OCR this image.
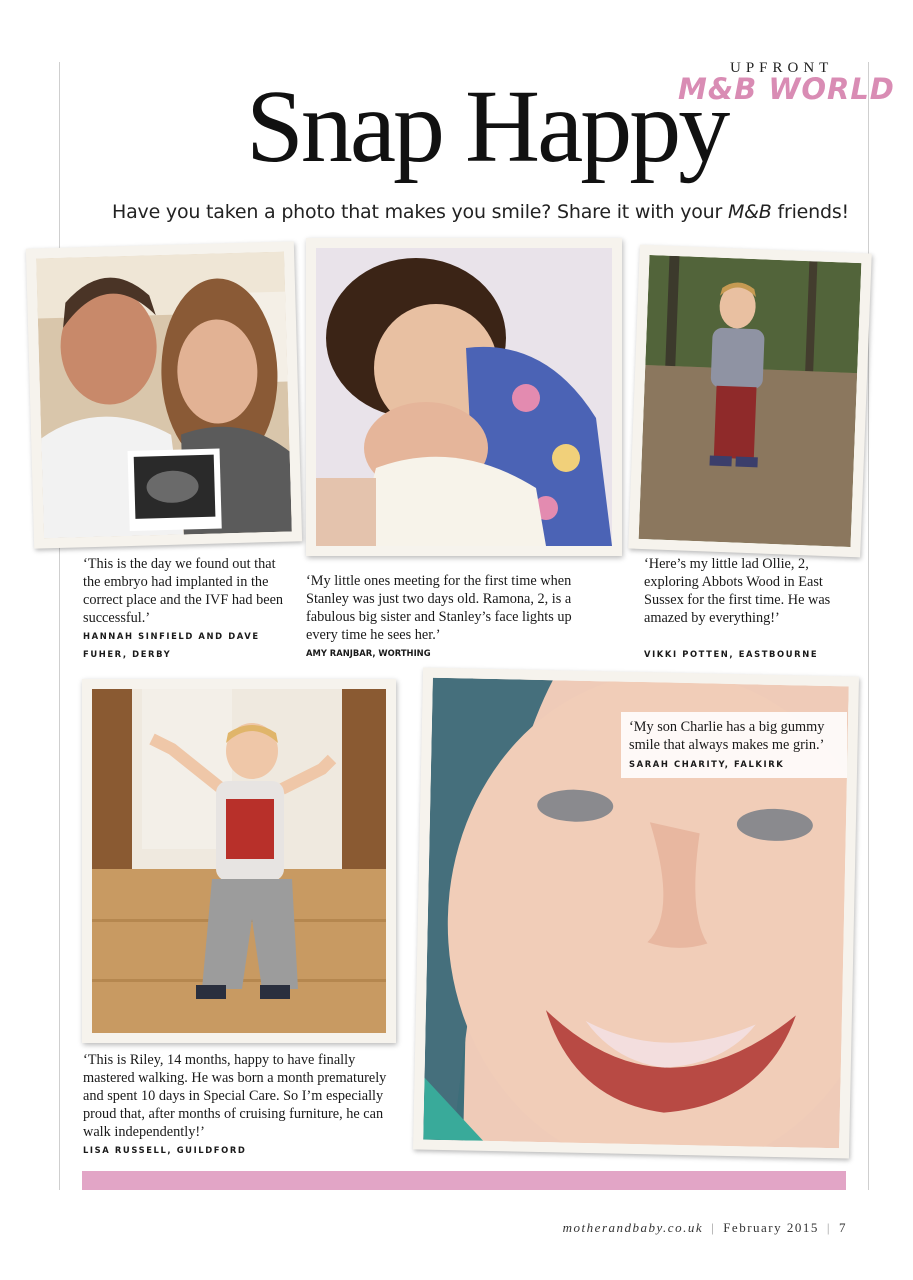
UPFRONT
M&B WORLD
Snap Happy
Have you taken a photo that makes you smile? Share it with your M&B friends!

‘This is the day we found out that the embryo had implanted in the correct place and the IVF had been successful.’

HANNAH SINFIELD AND DAVE FUHER, DERBY

‘My little ones meeting for the first time when Stanley was just two days old. Ramona, 2, is a fabulous big sister and Stanley’s face lights up every time he sees her.’

AMY RANJBAR, WORTHING

‘Here’s my little lad Ollie, 2, exploring Abbots Wood in East Sussex for the first time. He was amazed by everything!’

VIKKI POTTEN, EASTBOURNE

‘This is Riley, 14 months, happy to have finally mastered walking. He was born a month prematurely and spent 10 days in Special Care. So I’m especially proud that, after months of cruising furniture, he can walk independently!’

LISA RUSSELL, GUILDFORD

‘My son Charlie has a big gummy smile that always makes me grin.’

SARAH CHARITY, FALKIRK

motherandbaby.co.uk | February 2015 | 7
